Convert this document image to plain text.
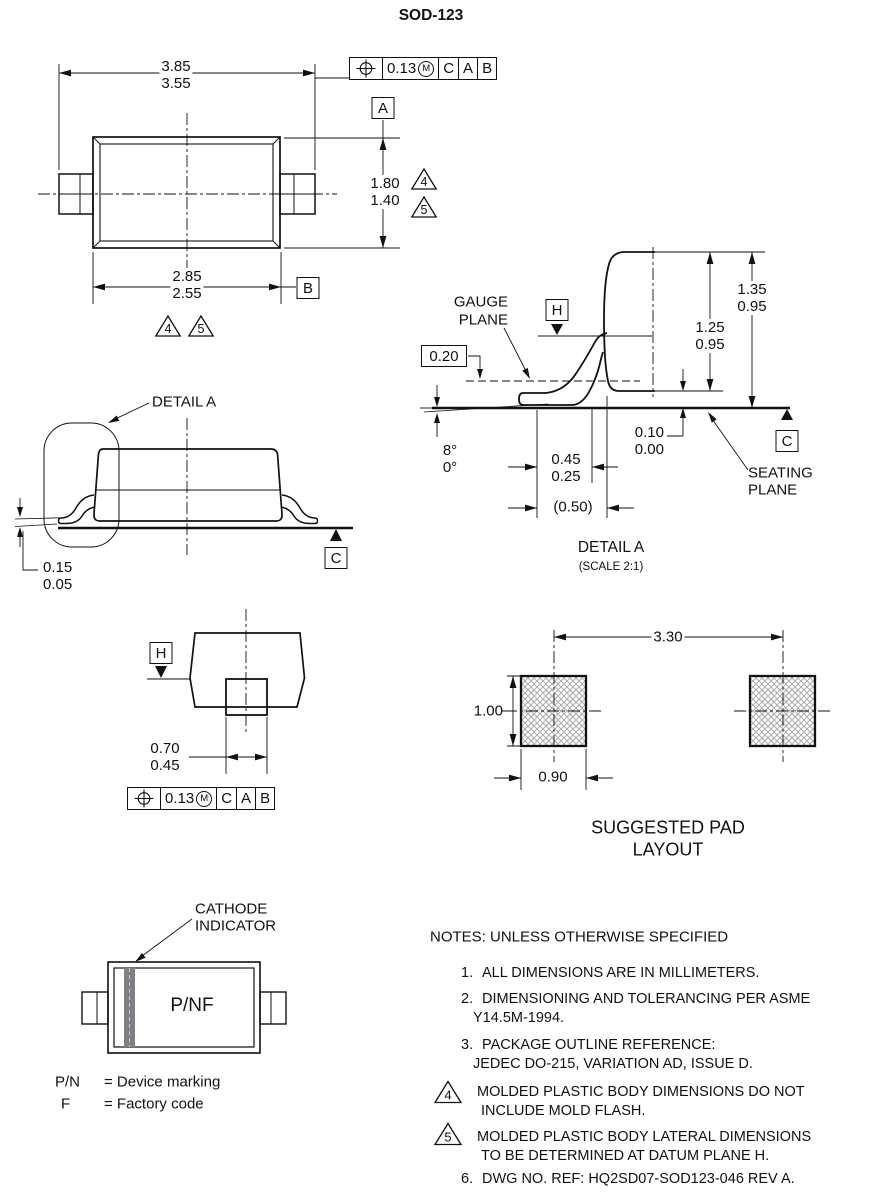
SOD-123
0.13 M C A B
3.85
3.55
A
1.80
1.40
4
5
2.85
2.55	B
4 5
GAUGE
PLANE
H
0.20
1.25
0.95
1.35
0.95
0.10
0.00
8°
0°	0.45
0.25
(0.50)
SEATING
PLANE
C
DETAIL A
(SCALE 2:1)
DETAIL A
0.15
0.05
C
H
0.70
0.45
0.13 M C A B
3.30
1.00
0.90
SUGGESTED PAD
LAYOUT
CATHODE
INDICATOR
P/NF
P/N = Device marking
F = Factory code
NOTES: UNLESS OTHERWISE SPECIFIED
1. ALL DIMENSIONS ARE IN MILLIMETERS.
2. DIMENSIONING AND TOLERANCING PER ASME
Y14.5M-1994.
3. PACKAGE OUTLINE REFERENCE:
JEDEC DO-215, VARIATION AD, ISSUE D.
4 MOLDED PLASTIC BODY DIMENSIONS DO NOT
INCLUDE MOLD FLASH.
5 MOLDED PLASTIC BODY LATERAL DIMENSIONS
TO BE DETERMINED AT DATUM PLANE H.
6. DWG NO. REF: HQ2SD07-SOD123-046 REV A.
